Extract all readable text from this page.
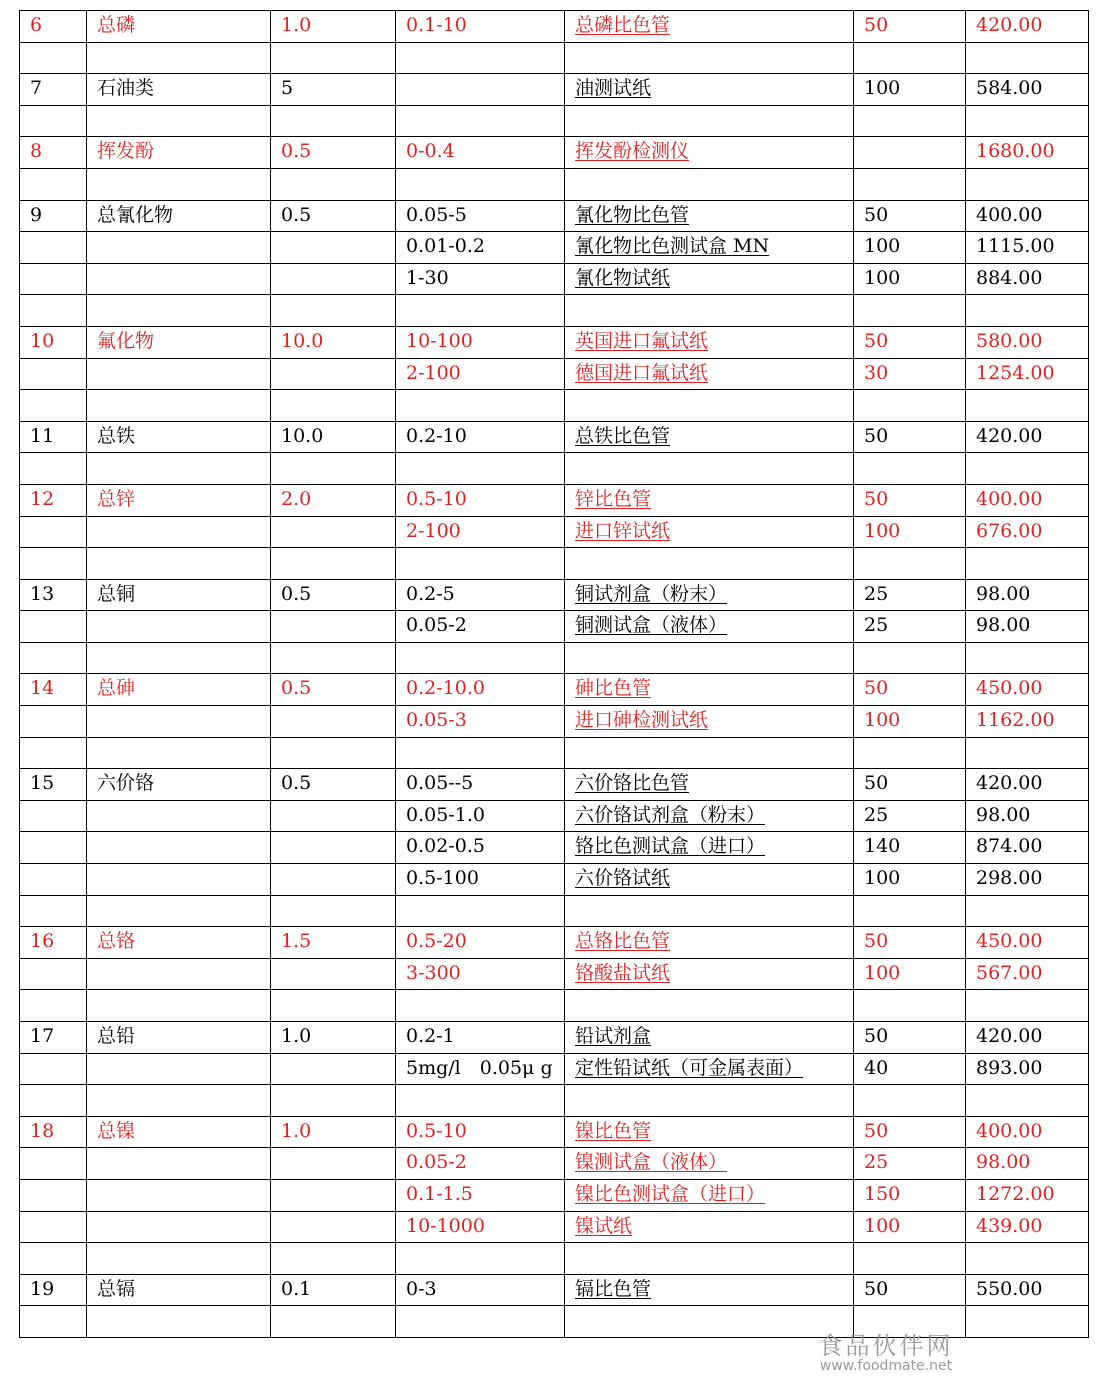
6	总磷	1.0	0.1-10	总磷比色管	50	420.00

7	石油类	5		油测试纸	100	584.00

8	挥发酚	0.5	0-0.4	挥发酚检测仪		1680.00

9	总氰化物	0.5	0.05-5	氰化物比色管	50	400.00
			0.01-0.2	氰化物比色测试盒 MN	100	1115.00
			1-30	氰化物试纸	100	884.00

10	氟化物	10.0	10-100	英国进口氟试纸	50	580.00
			2-100	德国进口氟试纸	30	1254.00

11	总铁	10.0	0.2-10	总铁比色管	50	420.00

12	总锌	2.0	0.5-10	锌比色管	50	400.00
			2-100	进口锌试纸	100	676.00

13	总铜	0.5	0.2-5	铜试剂盒（粉末）	25	98.00
			0.05-2	铜测试盒（液体）	25	98.00

14	总砷	0.5	0.2-10.0	砷比色管	50	450.00
			0.05-3	进口砷检测试纸	100	1162.00

15	六价铬	0.5	0.05--5	六价铬比色管	50	420.00
			0.05-1.0	六价铬试剂盒（粉末）	25	98.00
			0.02-0.5	铬比色测试盒（进口）	140	874.00
			0.5-100	六价铬试纸	100	298.00

16	总铬	1.5	0.5-20	总铬比色管	50	450.00
			3-300	铬酸盐试纸	100	567.00

17	总铅	1.0	0.2-1	铅试剂盒	50	420.00
			5mg/l　0.05μ g	定性铅试纸（可金属表面）	40	893.00

18	总镍	1.0	0.5-10	镍比色管	50	400.00
			0.05-2	镍测试盒（液体）	25	98.00
			0.1-1.5	镍比色测试盒（进口）	150	1272.00
			10-1000	镍试纸	100	439.00

19	总镉	0.1	0-3	镉比色管	50	550.00

食品伙伴网
www.foodmate.net
